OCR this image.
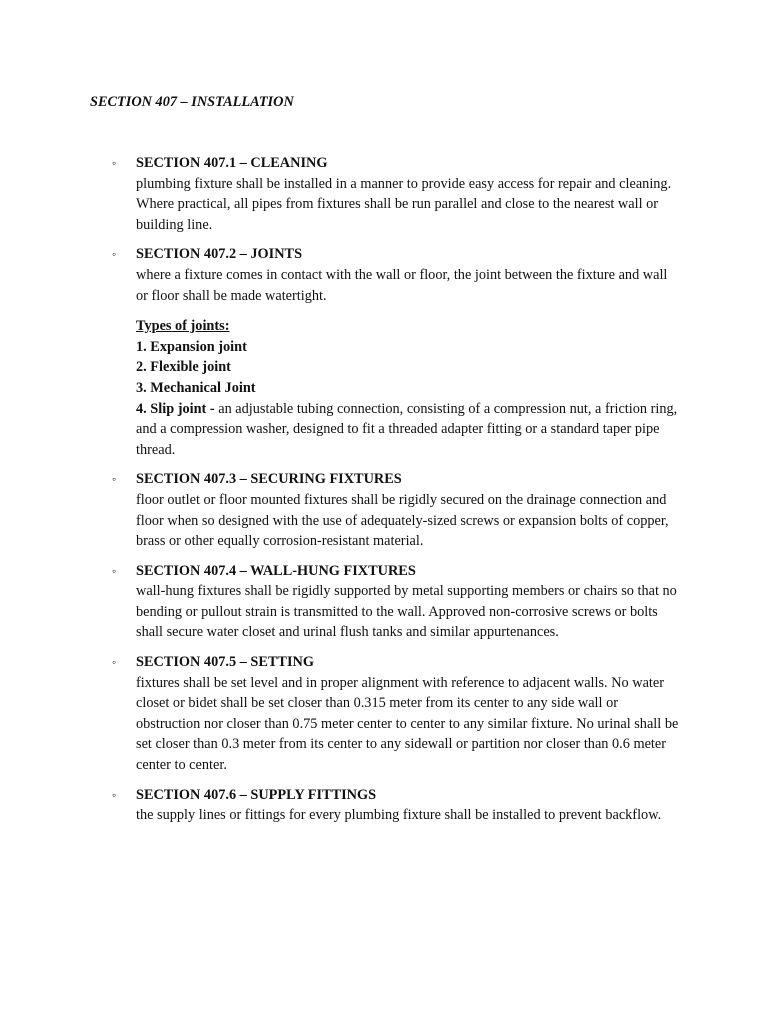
SECTION 407 – INSTALLATION
◦ SECTION 407.1 – CLEANING
plumbing fixture shall be installed in a manner to provide easy access for repair and cleaning. Where practical, all pipes from fixtures shall be run parallel and close to the nearest wall or building line.
◦ SECTION 407.2 – JOINTS
where a fixture comes in contact with the wall or floor, the joint between the fixture and wall or floor shall be made watertight.
Types of joints:
1. Expansion joint
2. Flexible joint
3. Mechanical Joint
4. Slip joint - an adjustable tubing connection, consisting of a compression nut, a friction ring, and a compression washer, designed to fit a threaded adapter fitting or a standard taper pipe thread.
◦ SECTION 407.3 – SECURING FIXTURES
floor outlet or floor mounted fixtures shall be rigidly secured on the drainage connection and floor when so designed with the use of adequately-sized screws or expansion bolts of copper, brass or other equally corrosion-resistant material.
◦ SECTION 407.4 – WALL-HUNG FIXTURES
wall-hung fixtures shall be rigidly supported by metal supporting members or chairs so that no bending or pullout strain is transmitted to the wall. Approved non-corrosive screws or bolts shall secure water closet and urinal flush tanks and similar appurtenances.
◦ SECTION 407.5 – SETTING
fixtures shall be set level and in proper alignment with reference to adjacent walls. No water closet or bidet shall be set closer than 0.315 meter from its center to any side wall or obstruction nor closer than 0.75 meter center to center to any similar fixture. No urinal shall be set closer than 0.3 meter from its center to any sidewall or partition nor closer than 0.6 meter center to center.
◦ SECTION 407.6 – SUPPLY FITTINGS
the supply lines or fittings for every plumbing fixture shall be installed to prevent backflow.
